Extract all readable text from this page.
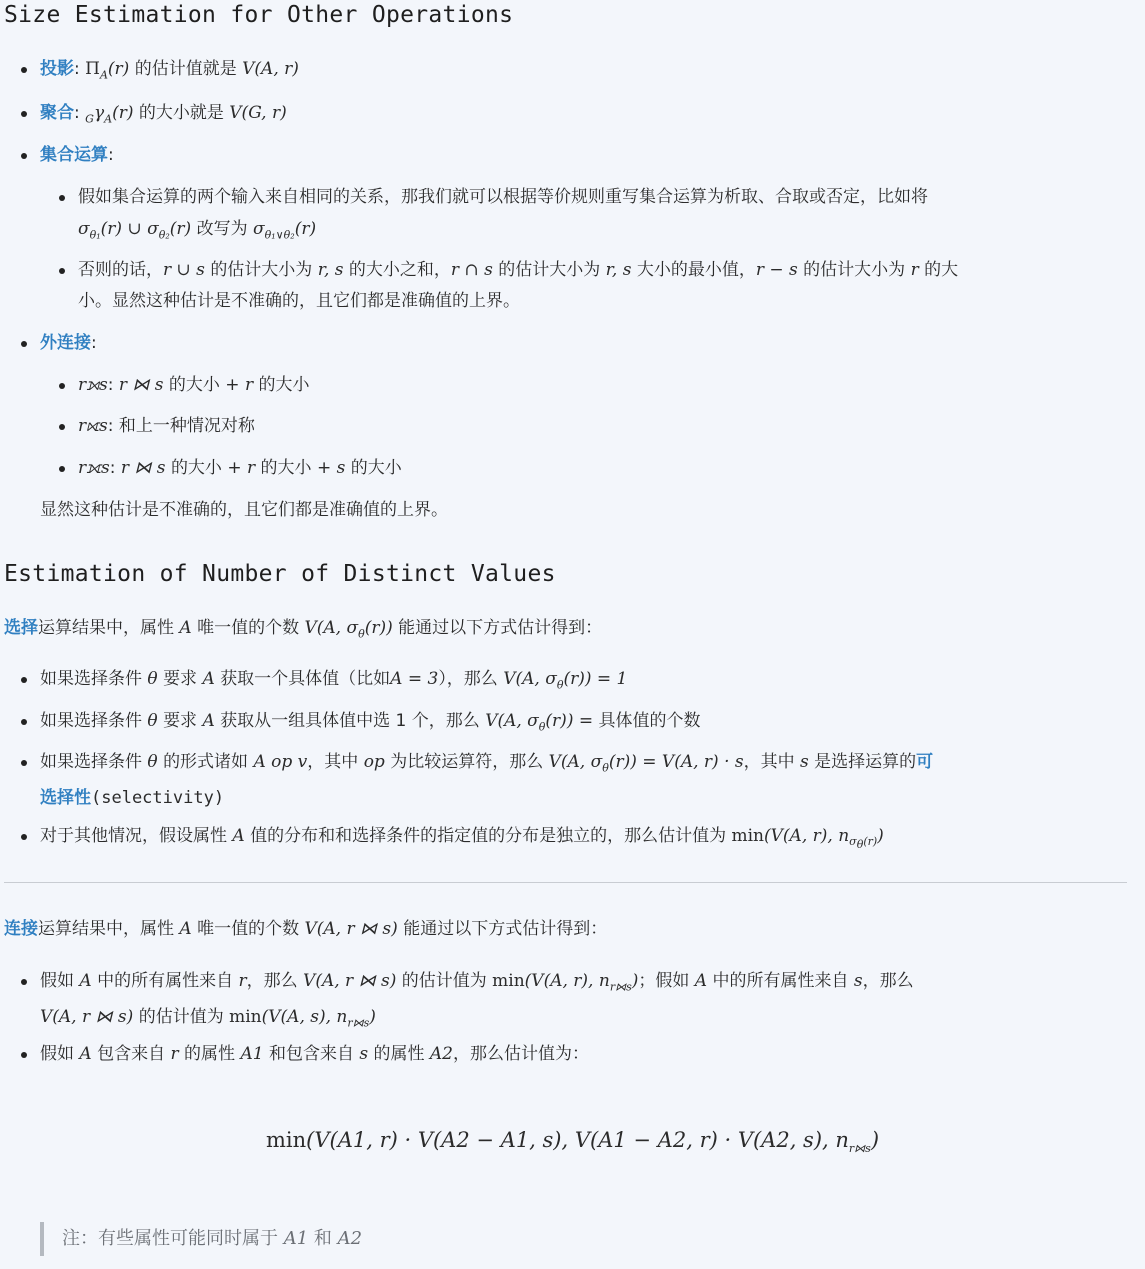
Size Estimation for Other Operations
投影: $\Pi_A(r)$ 的估计值就是 V(A, r)
聚合: $_G\gamma_A(r)$ 的大小就是 V(G, r)
集合运算:
假如集合运算的两个输入来自相同的关系，那我们就可以根据等价规则重写集合运算为析取、合取或否定，比如将
$\sigma_{\theta_1}(r)$ ∪ $\sigma_{\theta_2}(r)$ 改写为 $\sigma_{\theta_1\vee\theta_2}(r)$
否则的话，r ∪ s 的估计大小为 r, s 的大小之和，r ∩ s 的估计大小为 r, s 大小的最小值，r − s 的估计大小为 r 的大
小。显然这种估计是不准确的，且它们都是准确值的上界。
外连接:
r⟕s: r ⋈ s 的大小 + r 的大小
r⟖s: 和上一种情况对称
r⟗s: r ⋈ s 的大小 + r 的大小 + s 的大小
显然这种估计是不准确的，且它们都是准确值的上界。
Estimation of Number of Distinct Values
选择运算结果中，属性 A 唯一值的个数 V(A, $\sigma_\theta(r)$) 能通过以下方式估计得到：
如果选择条件 θ 要求 A 获取一个具体值（比如A = 3），那么 V(A, $\sigma_\theta(r)) = 1$
如果选择条件 θ 要求 A 获取从一组具体值中选 1 个，那么 V(A, $\sigma_\theta(r)$) = 具体值的个数
如果选择条件 θ 的形式诸如 A op v，其中 op 为比较运算符，那么 V(A, $\sigma_\theta(r)) = V(A$, r) · s，其中 s 是选择运算的可
选择性(selectivity)
对于其他情况，假设属性 A 值的分布和和选择条件的指定值的分布是独立的，那么估计值为 min(V(A, r), $n_{\sigma_\theta(r)}$)
连接运算结果中，属性 A 唯一值的个数 V(A, r ⋈ s) 能通过以下方式估计得到：
假如 A 中的所有属性来自 r，那么 V(A, r ⋈ s) 的估计值为 min(V(A, r), $n_{r⋈s}$)；假如 A 中的所有属性来自 s，那么
V(A, r ⋈ s) 的估计值为 min(V(A, s), $n_{r⋈s}$)
假如 A 包含来自 r 的属性 A1 和包含来自 s 的属性 A2，那么估计值为：
min(V(A1, r) · V(A2 − A1, s), V(A1 − A2, r) · V(A2, s), $n_{r⋈s}$)
注：有些属性可能同时属于 A1 和 A2
